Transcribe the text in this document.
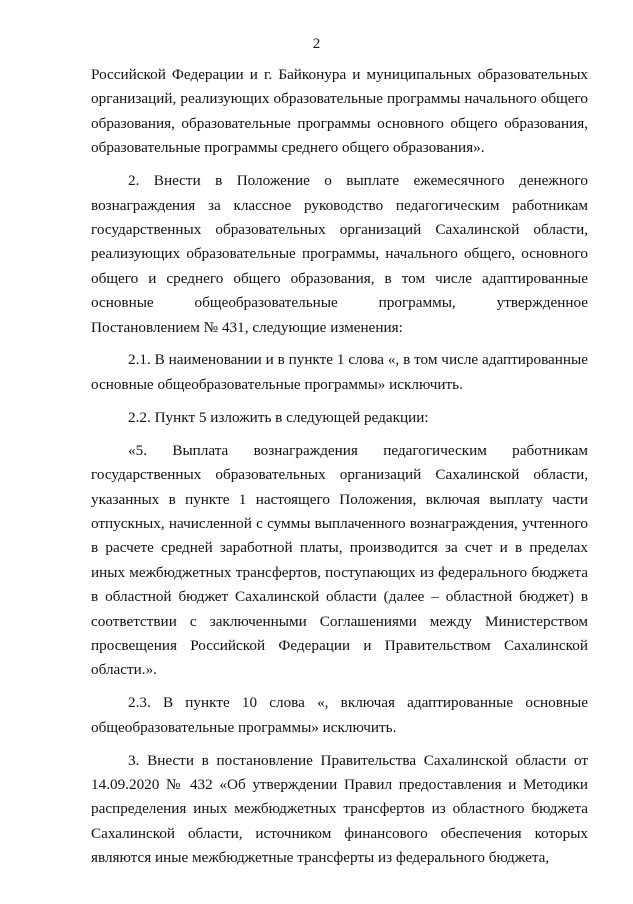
2

Российской Федерации и г. Байконура и муниципальных образовательных организаций, реализующих образовательные программы начального общего образования, образовательные программы основного общего образования, образовательные программы среднего общего образования».

2. Внести в Положение о выплате ежемесячного денежного вознаграждения за классное руководство педагогическим работникам государственных образовательных организаций Сахалинской области, реализующих образовательные программы, начального общего, основного общего и среднего общего образования, в том числе адаптированные основные общеобразовательные программы, утвержденное Постановлением № 431, следующие изменения:

2.1. В наименовании и в пункте 1 слова «, в том числе адаптированные основные общеобразовательные программы» исключить.

2.2. Пункт 5 изложить в следующей редакции:

«5. Выплата вознаграждения педагогическим работникам государственных образовательных организаций Сахалинской области, указанных в пункте 1 настоящего Положения, включая выплату части отпускных, начисленной с суммы выплаченного вознаграждения, учтенного в расчете средней заработной платы, производится за счет и в пределах иных межбюджетных трансфертов, поступающих из федерального бюджета в областной бюджет Сахалинской области (далее – областной бюджет) в соответствии с заключенными Соглашениями между Министерством просвещения Российской Федерации и Правительством Сахалинской области.».

2.3. В пункте 10 слова «, включая адаптированные основные общеобразовательные программы» исключить.

3. Внести в постановление Правительства Сахалинской области от 14.09.2020 № 432 «Об утверждении Правил предоставления и Методики распределения иных межбюджетных трансфертов из областного бюджета Сахалинской области, источником финансового обеспечения которых являются иные межбюджетные трансферты из федерального бюджета,
